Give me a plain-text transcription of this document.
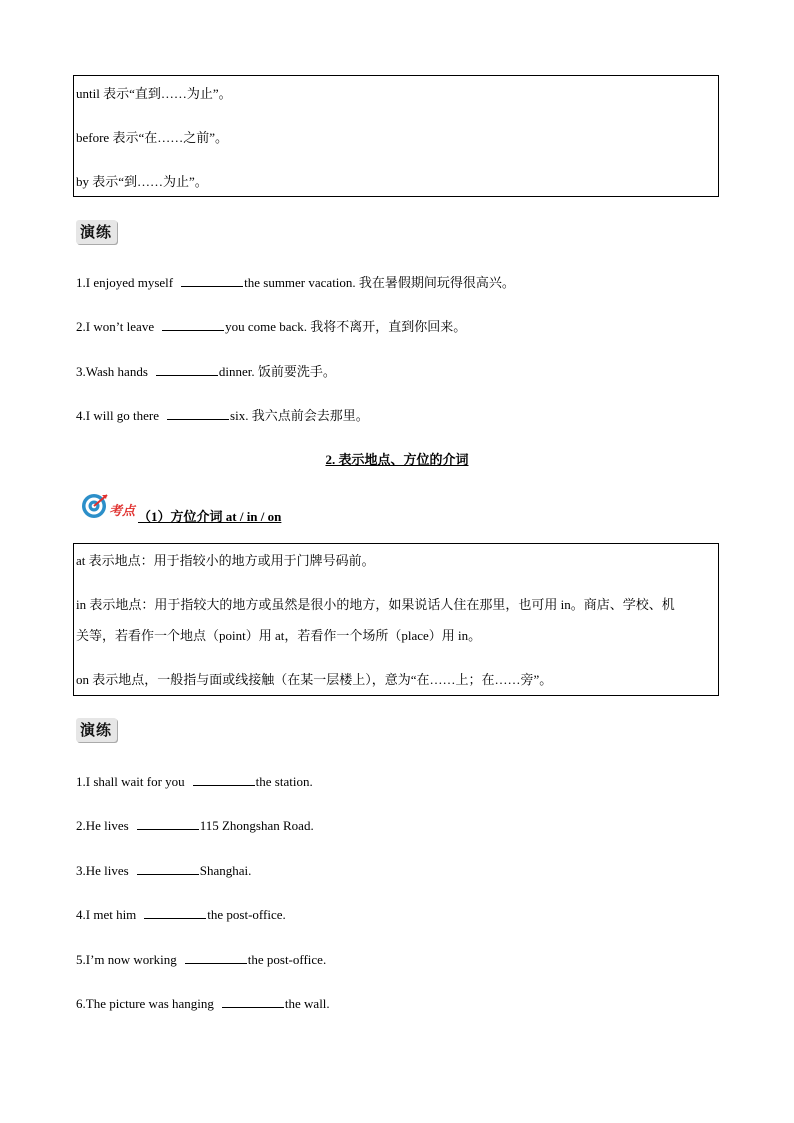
until 表示“直到……为止”。

before 表示“在……之前”。

by 表示“到……为止”。

演练
1.I enjoyed myself	the summer vacation. 我在暑假期间玩得很高兴。
2.I won’t leave	you come back. 我将不离开，直到你回来。
3.Wash hands	dinner. 饭前要洗手。
4.I will go there	six. 我六点前会去那里。
2. 表示地点、方位的介词
考点 （1）方位介词 at / in / on

at 表示地点：用于指较小的地方或用于门牌号码前。

in 表示地点：用于指较大的地方或虽然是很小的地方，如果说话人住在那里，也可用 in。商店、学校、机

关等，若看作一个地点（point）用 at，若看作一个场所（place）用 in。

on 表示地点，一般指与面或线接触（在某一层楼上），意为“在……上；在……旁”。

演练
1.I shall wait for you	the station.
2.He lives	115 Zhongshan Road.
3.He lives	Shanghai.
4.I met him	the post-office.
5.I’m now working	the post-office.
6.The picture was hanging	the wall.
